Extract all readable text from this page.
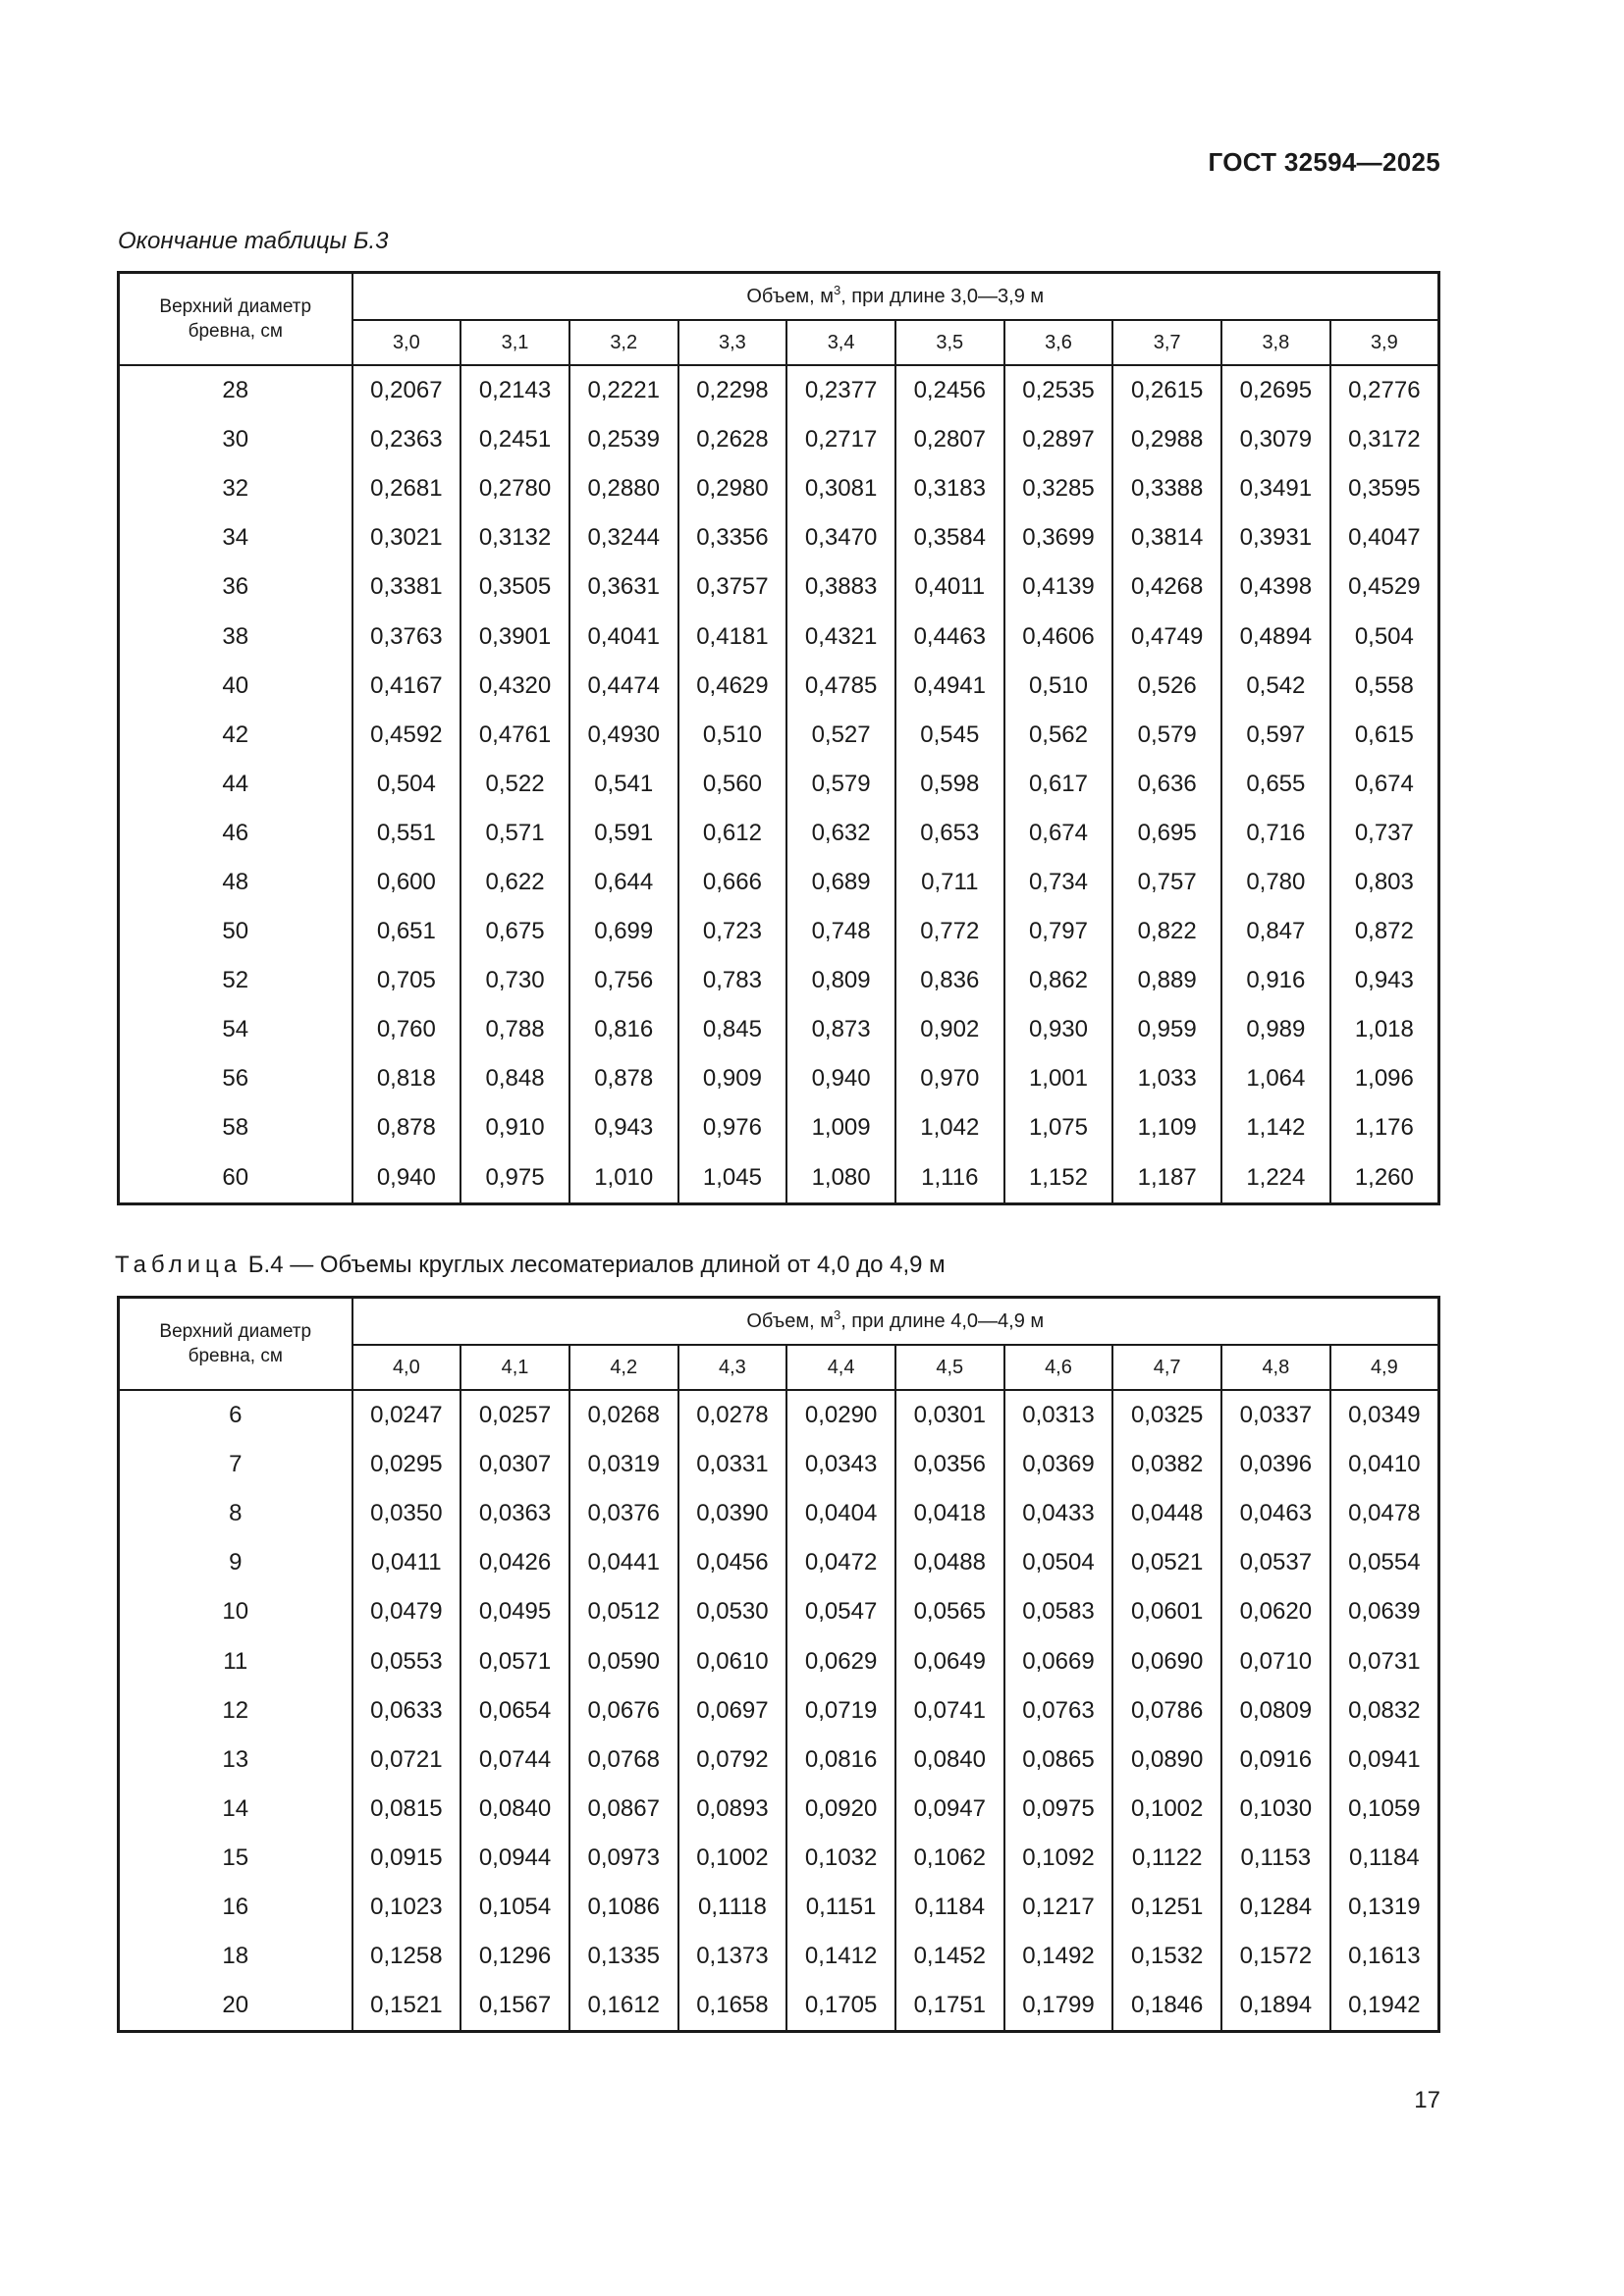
ГОСТ 32594—2025
Окончание таблицы Б.3
Верхний диаметр
бревна, см	Объем, $м^3$, при длине 3,0—3,9 м									
	3,0	3,1	3,2	3,3	3,4	3,5	3,6	3,7	3,8	3,9
28	0,2067	0,2143	0,2221	0,2298	0,2377	0,2456	0,2535	0,2615	0,2695	0,2776
30	0,2363	0,2451	0,2539	0,2628	0,2717	0,2807	0,2897	0,2988	0,3079	0,3172
32	0,2681	0,2780	0,2880	0,2980	0,3081	0,3183	0,3285	0,3388	0,3491	0,3595
34	0,3021	0,3132	0,3244	0,3356	0,3470	0,3584	0,3699	0,3814	0,3931	0,4047
36	0,3381	0,3505	0,3631	0,3757	0,3883	0,4011	0,4139	0,4268	0,4398	0,4529
38	0,3763	0,3901	0,4041	0,4181	0,4321	0,4463	0,4606	0,4749	0,4894	0,504
40	0,4167	0,4320	0,4474	0,4629	0,4785	0,4941	0,510	0,526	0,542	0,558
42	0,4592	0,4761	0,4930	0,510	0,527	0,545	0,562	0,579	0,597	0,615
44	0,504	0,522	0,541	0,560	0,579	0,598	0,617	0,636	0,655	0,674
46	0,551	0,571	0,591	0,612	0,632	0,653	0,674	0,695	0,716	0,737
48	0,600	0,622	0,644	0,666	0,689	0,711	0,734	0,757	0,780	0,803
50	0,651	0,675	0,699	0,723	0,748	0,772	0,797	0,822	0,847	0,872
52	0,705	0,730	0,756	0,783	0,809	0,836	0,862	0,889	0,916	0,943
54	0,760	0,788	0,816	0,845	0,873	0,902	0,930	0,959	0,989	1,018
56	0,818	0,848	0,878	0,909	0,940	0,970	1,001	1,033	1,064	1,096
58	0,878	0,910	0,943	0,976	1,009	1,042	1,075	1,109	1,142	1,176
60	0,940	0,975	1,010	1,045	1,080	1,116	1,152	1,187	1,224	1,260
Таблица Б.4 — Объемы круглых лесоматериалов длиной от 4,0 до 4,9 м
Верхний диаметр
бревна, см	Объем, $м^3$, при длине 4,0—4,9 м									
	4,0	4,1	4,2	4,3	4,4	4,5	4,6	4,7	4,8	4,9
6	0,0247	0,0257	0,0268	0,0278	0,0290	0,0301	0,0313	0,0325	0,0337	0,0349
7	0,0295	0,0307	0,0319	0,0331	0,0343	0,0356	0,0369	0,0382	0,0396	0,0410
8	0,0350	0,0363	0,0376	0,0390	0,0404	0,0418	0,0433	0,0448	0,0463	0,0478
9	0,0411	0,0426	0,0441	0,0456	0,0472	0,0488	0,0504	0,0521	0,0537	0,0554
10	0,0479	0,0495	0,0512	0,0530	0,0547	0,0565	0,0583	0,0601	0,0620	0,0639
11	0,0553	0,0571	0,0590	0,0610	0,0629	0,0649	0,0669	0,0690	0,0710	0,0731
12	0,0633	0,0654	0,0676	0,0697	0,0719	0,0741	0,0763	0,0786	0,0809	0,0832
13	0,0721	0,0744	0,0768	0,0792	0,0816	0,0840	0,0865	0,0890	0,0916	0,0941
14	0,0815	0,0840	0,0867	0,0893	0,0920	0,0947	0,0975	0,1002	0,1030	0,1059
15	0,0915	0,0944	0,0973	0,1002	0,1032	0,1062	0,1092	0,1122	0,1153	0,1184
16	0,1023	0,1054	0,1086	0,1118	0,1151	0,1184	0,1217	0,1251	0,1284	0,1319
18	0,1258	0,1296	0,1335	0,1373	0,1412	0,1452	0,1492	0,1532	0,1572	0,1613
20	0,1521	0,1567	0,1612	0,1658	0,1705	0,1751	0,1799	0,1846	0,1894	0,1942
17
